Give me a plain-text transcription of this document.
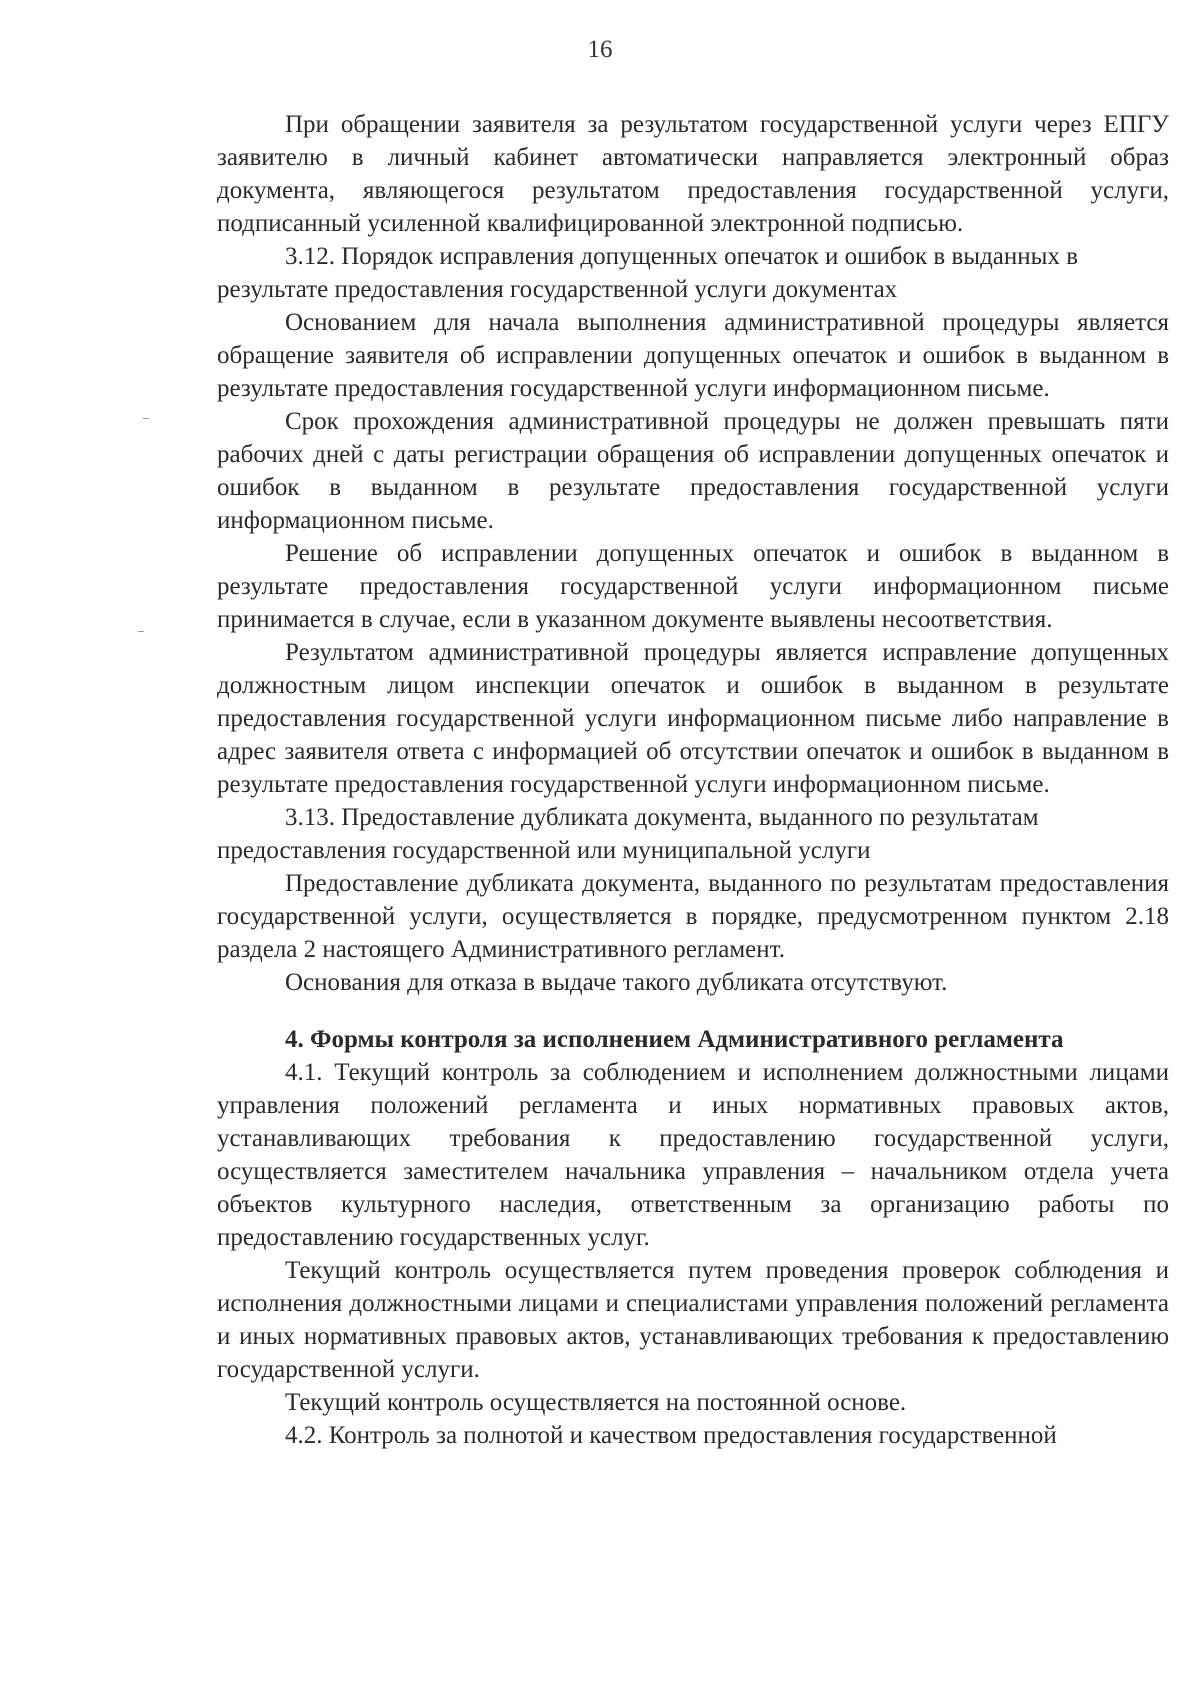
16

При обращении заявителя за результатом государственной услуги через ЕПГУ заявителю в личный кабинет автоматически направляется электронный образ документа, являющегося результатом предоставления государственной услуги, подписанный усиленной квалифицированной электронной подписью.

3.12. Порядок исправления допущенных опечаток и ошибок в выданных в результате предоставления государственной услуги документах

Основанием для начала выполнения административной процедуры является обращение заявителя об исправлении допущенных опечаток и ошибок в выданном в результате предоставления государственной услуги информационном письме.

Срок прохождения административной процедуры не должен превышать пяти рабочих дней с даты регистрации обращения об исправлении допущенных опечаток и ошибок в выданном в результате предоставления государственной услуги информационном письме.

Решение об исправлении допущенных опечаток и ошибок в выданном в результате предоставления государственной услуги информационном письме принимается в случае, если в указанном документе выявлены несоответствия.

Результатом административной процедуры является исправление допущенных должностным лицом инспекции опечаток и ошибок в выданном в результате предоставления государственной услуги информационном письме либо направление в адрес заявителя ответа с информацией об отсутствии опечаток и ошибок в выданном в результате предоставления государственной услуги информационном письме.

3.13. Предоставление дубликата документа, выданного по результатам предоставления государственной или муниципальной услуги

Предоставление дубликата документа, выданного по результатам предоставления государственной услуги, осуществляется в порядке, предусмотренном пунктом 2.18 раздела 2 настоящего Административного регламент.

Основания для отказа в выдаче такого дубликата отсутствуют.

4. Формы контроля за исполнением Административного регламента

4.1. Текущий контроль за соблюдением и исполнением должностными лицами управления положений регламента и иных нормативных правовых актов, устанавливающих требования к предоставлению государственной услуги, осуществляется заместителем начальника управления – начальником отдела учета объектов культурного наследия, ответственным за организацию работы по предоставлению государственных услуг.

Текущий контроль осуществляется путем проведения проверок соблюдения и исполнения должностными лицами и специалистами управления положений регламента и иных нормативных правовых актов, устанавливающих требования к предоставлению государственной услуги.

Текущий контроль осуществляется на постоянной основе.

4.2. Контроль за полнотой и качеством предоставления государственной
